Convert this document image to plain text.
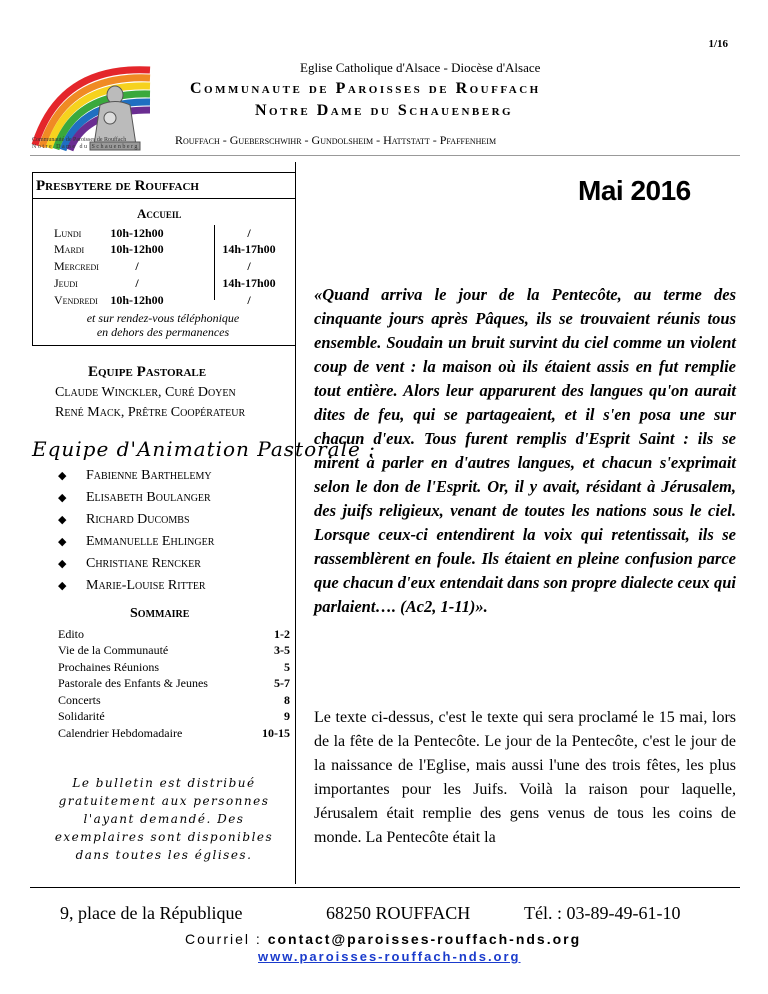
1/16
Communauté de Paroisses de Rouffach
Notre Dame du Schauenberg
Eglise Catholique d'Alsace - Diocèse d'Alsace
Communaute de Paroisses de Rouffach
Notre Dame du Schauenberg
Rouffach - Gueberschwihr - Gundolsheim - Hattstatt - Pfaffenheim
Presbytere de Rouffach
Accueil
Lundi	10h-12h00	/
Mardi	10h-12h00	14h-17h00
Mercredi	/	/
Jeudi	/	14h-17h00
Vendredi	10h-12h00	/
et sur rendez-vous téléphonique
en dehors des permanences
Equipe Pastorale
Claude Winckler, Curé Doyen
René Mack, Prêtre Coopérateur
Equipe d'Animation Pastorale :
◆ Fabienne Barthelemy
◆ Elisabeth Boulanger
◆ Richard Ducombs
◆ Emmanuelle Ehlinger
◆ Christiane Rencker
◆ Marie-Louise Ritter
Sommaire
Edito	1-2
Vie de la Communauté	3-5
Prochaines Réunions	5
Pastorale des Enfants & Jeunes	5-7
Concerts	8
Solidarité	9
Calendrier Hebdomadaire	10-15
Le bulletin est distribué gratuitement aux personnes l'ayant demandé. Des exemplaires sont disponibles dans toutes les églises.
Mai 2016
«Quand arriva le jour de la Pentecôte, au terme des cinquante jours après Pâques, ils se trouvaient réunis tous ensemble. Soudain un bruit survint du ciel comme un violent coup de vent : la maison où ils étaient assis en fut remplie tout entière. Alors leur apparurent des langues qu'on aurait dites de feu, qui se partageaient, et il s'en posa une sur chacun d'eux. Tous furent remplis d'Esprit Saint : ils se mirent à parler en d'autres langues, et chacun s'exprimait selon le don de l'Esprit. Or, il y avait, résidant à Jérusalem, des juifs religieux, venant de toutes les nations sous le ciel. Lorsque ceux-ci entendirent la voix qui retentissait, ils se rassemblèrent en foule. Ils étaient en pleine confusion parce que chacun d'eux entendait dans son propre dialecte ceux qui parlaient…. (Ac2, 1-11)».
Le texte ci-dessus, c'est le texte qui sera proclamé le 15 mai, lors de la fête de la Pentecôte. Le jour de la Pentecôte, c'est le jour de la naissance de l'Eglise, mais aussi l'une des trois fêtes, les plus importantes pour les Juifs. Voilà la raison pour laquelle, Jérusalem était remplie des gens venus de tous les coins de monde. La Pentecôte était la
9, place de la République	68250 ROUFFACH	Tél. : 03-89-49-61-10
Courriel : contact@paroisses-rouffach-nds.org
www.paroisses-rouffach-nds.org
